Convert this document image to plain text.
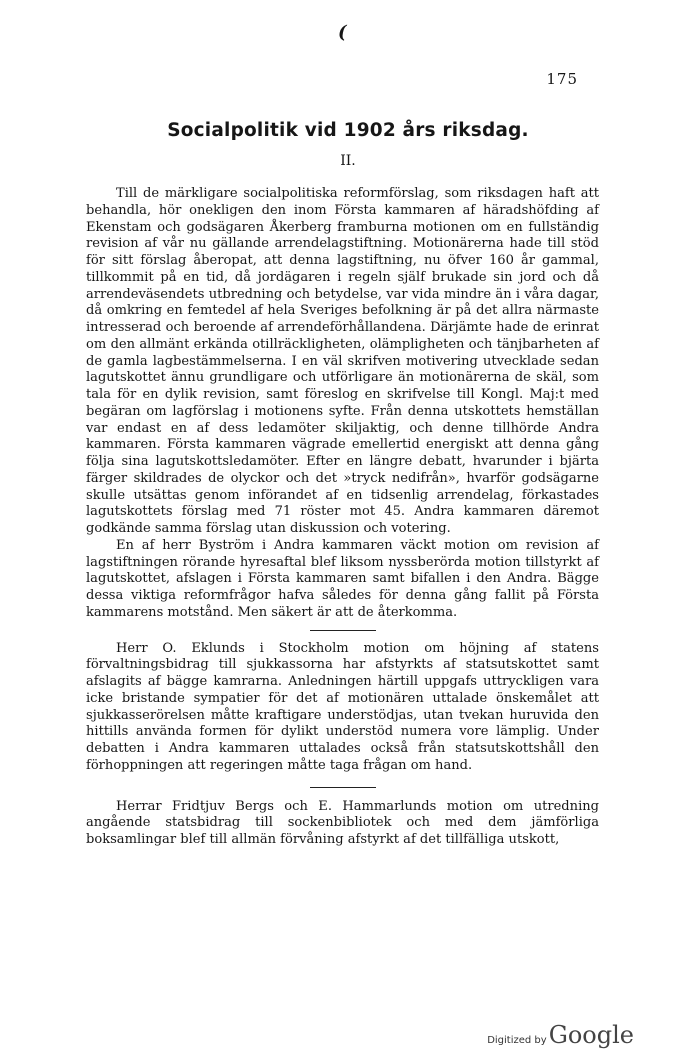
(
175
Socialpolitik vid 1902 års riksdag.
II.

Till de märkligare socialpolitiska reformförslag, som riksdagen haft att behandla, hör onekligen den inom Första kammaren af häradshöfding af Ekenstam och godsägaren Åkerberg framburna motionen om en fullständig revision af vår nu gällande arrendelagstiftning. Motionärerna hade till stöd för sitt förslag åberopat, att denna lagstiftning, nu öfver 160 år gammal, tillkommit på en tid, då jordägaren i regeln själf brukade sin jord och då arrendeväsendets utbredning och betydelse, var vida mindre än i våra dagar, då omkring en femtedel af hela Sveriges befolkning är på det allra närmaste intresserad och beroende af arrendeförhållandena. Därjämte hade de erinrat om den allmänt erkända otillräckligheten, olämpligheten och tänjbarheten af de gamla lagbestämmelserna. I en väl skrifven motivering utvecklade sedan lagutskottet ännu grundligare och utförligare än motionärerna de skäl, som tala för en dylik revision, samt föreslog en skrifvelse till Kongl. Maj:t med begäran om lagförslag i motionens syfte. Från denna utskottets hemställan var endast en af dess ledamöter skiljaktig, och denne tillhörde Andra kammaren. Första kammaren vägrade emellertid energiskt att denna gång följa sina lagutskottsledamöter. Efter en längre debatt, hvarunder i bjärta färger skildrades de olyckor och det »tryck nedifrån», hvarför godsägarne skulle utsättas genom införandet af en tidsenlig arrendelag, förkastades lagutskottets förslag med 71 röster mot 45. Andra kammaren däremot godkände samma förslag utan diskussion och votering.

En af herr Byström i Andra kammaren väckt motion om revision af lagstiftningen rörande hyresaftal blef liksom nyssberörda motion tillstyrkt af lagutskottet, afslagen i Första kammaren samt bifallen i den Andra. Bägge dessa viktiga reformfrågor hafva således för denna gång fallit på Första kammarens motstånd. Men säkert är att de återkomma.

Herr O. Eklunds i Stockholm motion om höjning af statens förvaltningsbidrag till sjukkassorna har afstyrkts af statsutskottet samt afslagits af bägge kamrarna. Anledningen härtill uppgafs uttryckligen vara icke bristande sympatier för det af motionären uttalade önskemålet att sjukkasserörelsen måtte kraftigare understödjas, utan tvekan huruvida den hittills använda formen för dylikt understöd numera vore lämplig. Under debatten i Andra kammaren uttalades också från statsutskottshåll den förhoppningen att regeringen måtte taga frågan om hand.

Herrar Fridtjuv Bergs och E. Hammarlunds motion om utredning angående statsbidrag till sockenbibliotek och med dem jämförliga boksamlingar blef till allmän förvåning afstyrkt af det tillfälliga utskott,

Digitized by Google
